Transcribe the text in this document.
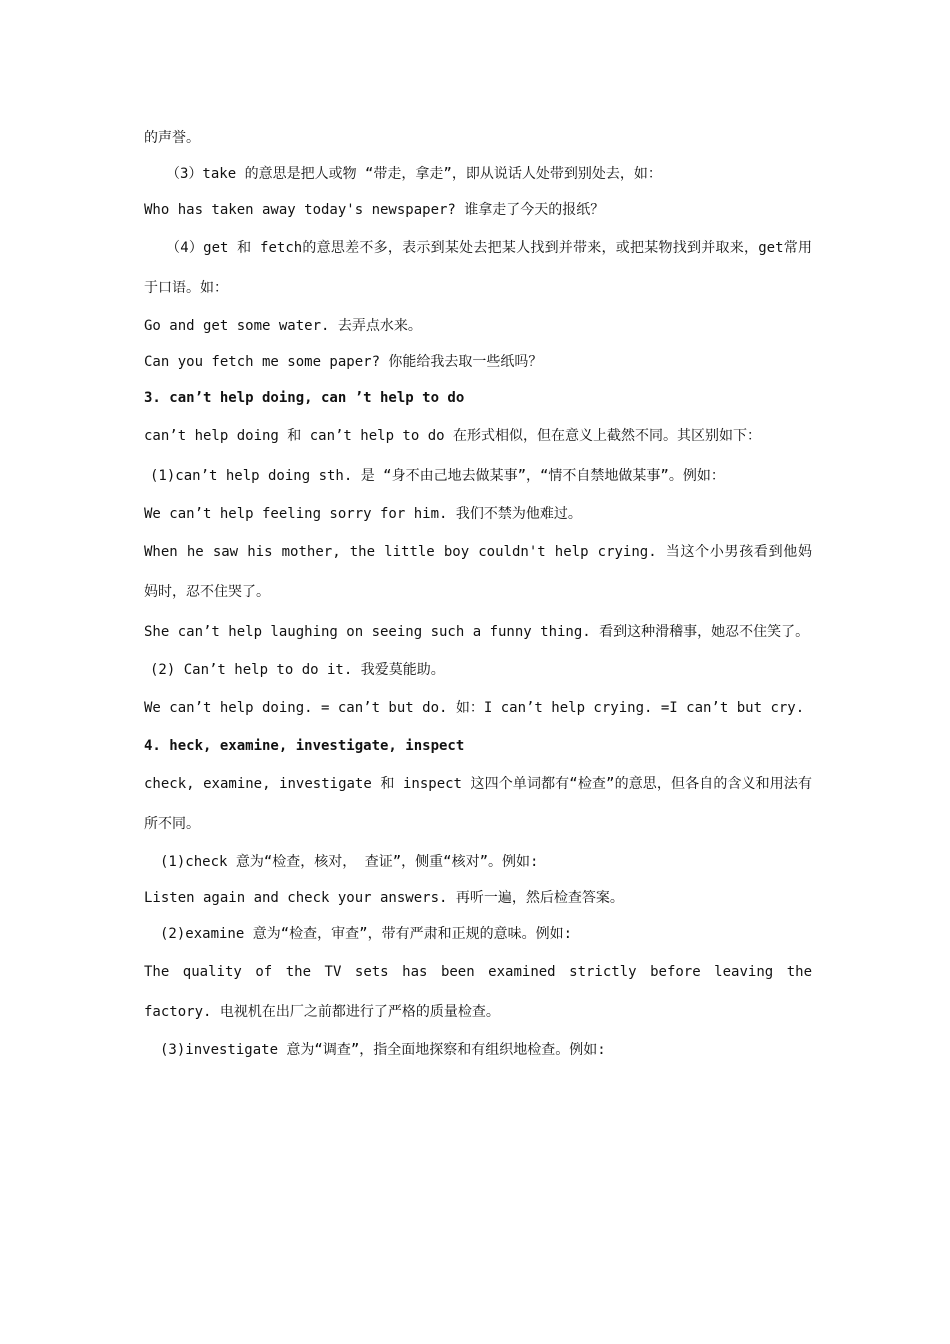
的声誉。

（3）take 的意思是把人或物 “带走，拿走”，即从说话人处带到别处去，如：

Who has taken away today's newspaper? 谁拿走了今天的报纸？

（4）get 和 fetch的意思差不多，表示到某处去把某人找到并带来，或把某物找到并取来，get常用于口语。如：

Go and get some water. 去弄点水来。

Can you fetch me some paper? 你能给我去取一些纸吗？

3. can’t help doing, can ’t help to do

can’t help doing 和 can’t help to do 在形式相似，但在意义上截然不同。其区别如下：

(1)can’t help doing sth. 是 “身不由己地去做某事”，“情不自禁地做某事”。例如：

We can’t help feeling sorry for him. 我们不禁为他难过。

When he saw his mother, the little boy couldn't help crying. 当这个小男孩看到他妈妈时，忍不住哭了。

She can’t help laughing on seeing such a funny thing. 看到这种滑稽事，她忍不住笑了。

(2) Can’t help to do it. 我爱莫能助。

We can’t help doing. = can’t but do. 如：I can’t help crying. =I can’t but cry.

4. heck, examine, investigate, inspect

check, examine, investigate 和 inspect 这四个单词都有“检查”的意思，但各自的含义和用法有所不同。

(1)check 意为“检查，核对， 查证”，侧重“核对”。例如:

Listen again and check your answers. 再听一遍，然后检查答案。

(2)examine 意为“检查，审查”，带有严肃和正规的意味。例如:

The quality of the TV sets has been examined strictly before leaving the factory. 电视机在出厂之前都进行了严格的质量检查。

(3)investigate 意为“调查”，指全面地探察和有组织地检查。例如:
